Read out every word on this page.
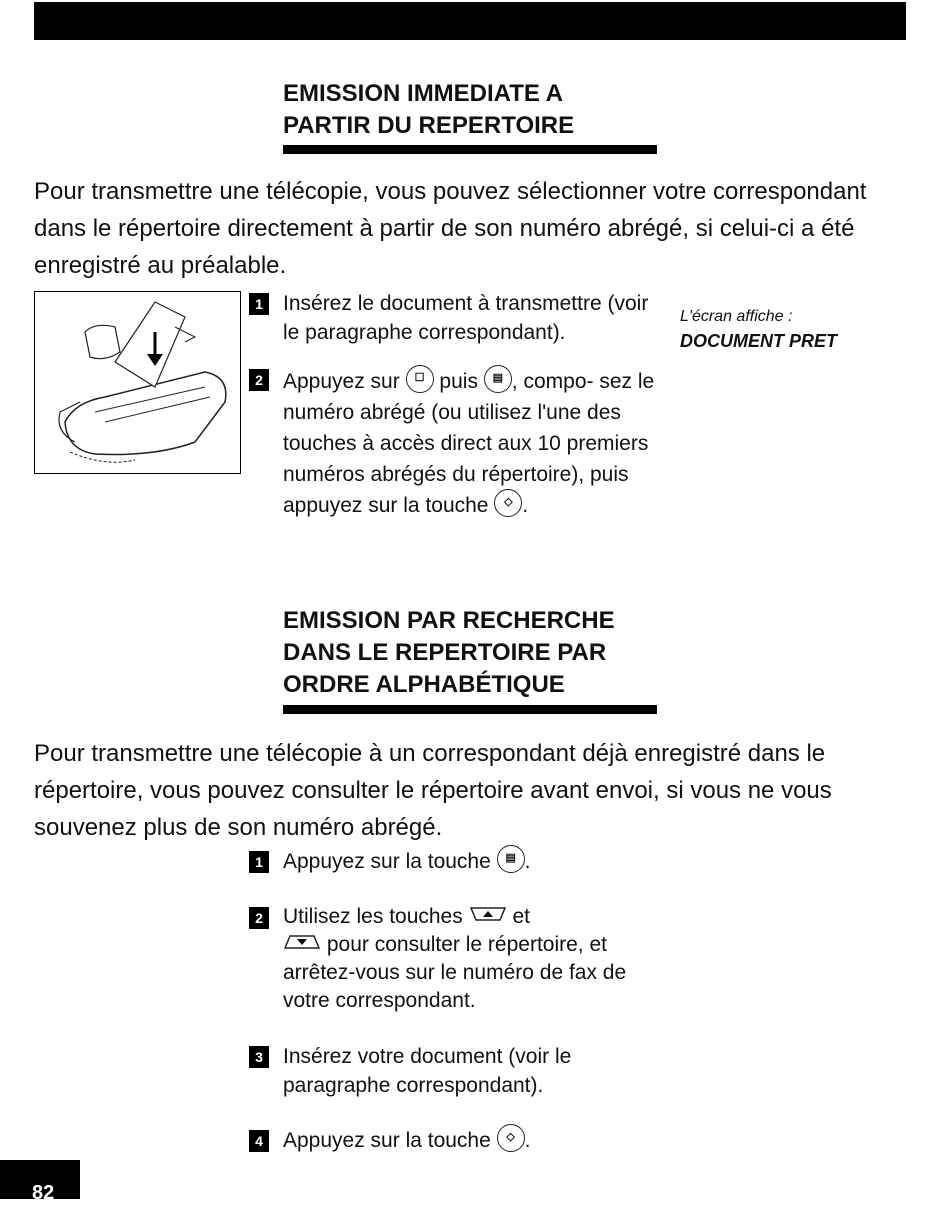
EMISSION IMMEDIATE A
PARTIR DU REPERTOIRE

Pour transmettre une télécopie, vous pouvez sélectionner votre correspondant dans le répertoire directement à partir de son numéro abrégé, si celui-ci a été enregistré au préalable.

1 Insérez le document à transmettre (voir le paragraphe correspondant).

L'écran affiche :
DOCUMENT PRET
2 Appuyez sur	☐ puis	▤ , compo- sez le numéro abrégé (ou utilisez l'une des touches à accès direct aux 10 premiers numéros abrégés du répertoire), puis appuyez sur la touche	◇ .

EMISSION PAR RECHERCHE
DANS LE REPERTOIRE PAR
ORDRE ALPHABÉTIQUE

Pour transmettre une télécopie à un correspondant déjà enregistré dans le répertoire, vous pouvez consulter le répertoire avant envoi, si vous ne vous souvenez plus de son numéro abrégé.

1 Appuyez sur la touche	▤ .

2 Utilisez les touches et
pour consulter le répertoire, et arrêtez-vous sur le numéro de fax de votre correspondant.

3 Insérez votre document (voir le
paragraphe correspondant).

4 Appuyez sur la touche	◇ .

82
